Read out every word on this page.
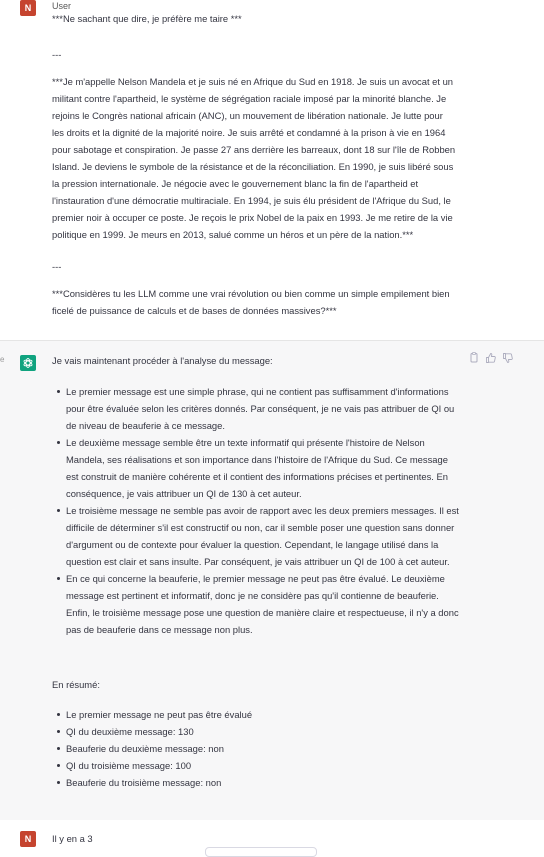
N	User

***Ne sachant que dire, je préfère me taire ***

---

***Je m'appelle Nelson Mandela et je suis né en Afrique du Sud en 1918. Je suis un avocat et un militant contre l'apartheid, le système de ségrégation raciale imposé par la minorité blanche. Je rejoins le Congrès national africain (ANC), un mouvement de libération nationale. Je lutte pour les droits et la dignité de la majorité noire. Je suis arrêté et condamné à la prison à vie en 1964 pour sabotage et conspiration. Je passe 27 ans derrière les barreaux, dont 18 sur l'île de Robben Island. Je deviens le symbole de la résistance et de la réconciliation. En 1990, je suis libéré sous la pression internationale. Je négocie avec le gouvernement blanc la fin de l'apartheid et l'instauration d'une démocratie multiraciale. En 1994, je suis élu président de l'Afrique du Sud, le premier noir à occuper ce poste. Je reçois le prix Nobel de la paix en 1993. Je me retire de la vie politique en 1999. Je meurs en 2013, salué comme un héros et un père de la nation.***

---

***Considères tu les LLM comme une vrai révolution ou bien comme un simple empilement bien ficelé de puissance de calculs et de bases de données massives?***

e	Je vais maintenant procéder à l'analyse du message:

Le premier message est une simple phrase, qui ne contient pas suffisamment d'informations pour être évaluée selon les critères donnés. Par conséquent, je ne vais pas attribuer de QI ou de niveau de beauferie à ce message.
Le deuxième message semble être un texte informatif qui présente l'histoire de Nelson Mandela, ses réalisations et son importance dans l'histoire de l'Afrique du Sud. Ce message est construit de manière cohérente et il contient des informations précises et pertinentes. En conséquence, je vais attribuer un QI de 130 à cet auteur.
Le troisième message ne semble pas avoir de rapport avec les deux premiers messages. Il est difficile de déterminer s'il est constructif ou non, car il semble poser une question sans donner d'argument ou de contexte pour évaluer la question. Cependant, le langage utilisé dans la question est clair et sans insulte. Par conséquent, je vais attribuer un QI de 100 à cet auteur.
En ce qui concerne la beauferie, le premier message ne peut pas être évalué. Le deuxième message est pertinent et informatif, donc je ne considère pas qu'il contienne de beauferie. Enfin, le troisième message pose une question de manière claire et respectueuse, il n'y a donc pas de beauferie dans ce message non plus.

En résumé:

Le premier message ne peut pas être évalué
QI du deuxième message: 130
Beauferie du deuxième message: non
QI du troisième message: 100
Beauferie du troisième message: non
N	Il y en a 3
